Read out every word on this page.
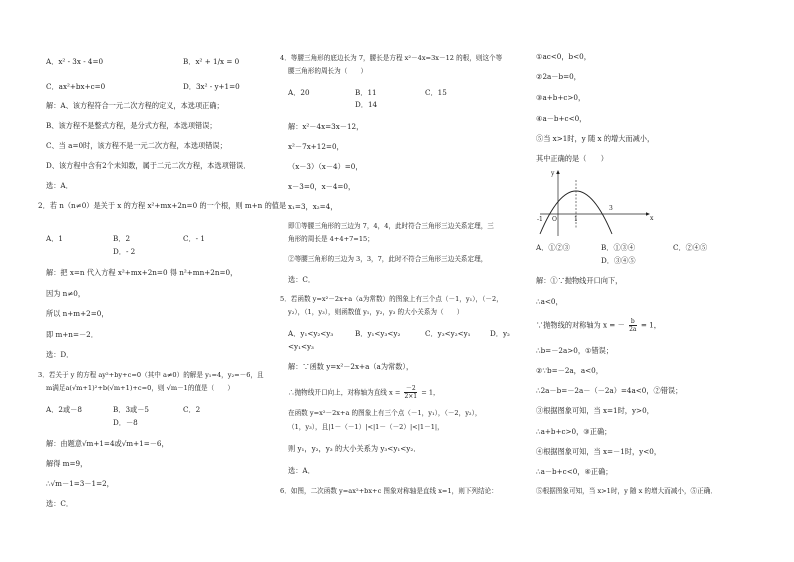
A．x² - 3x - 4=0	B．x² + 1/x = 0
C．ax²+bx+c=0	D．3x² - y+1=0
解：A、该方程符合一元二次方程的定义，本选项正确；
B、该方程不是整式方程，是分式方程，本选项错误；
C、当 a=0时，该方程不是一元二次方程，本选项错误；
D、该方程中含有2个未知数，属于二元二次方程，本选项错误．
选：A．
2．若 n（n≠0）是关于 x 的方程 x²+mx+2n=0 的一个根，则 m+n 的值是
A．1	B．2	C．- 1
D．- 2
解：把 x=n 代入方程 x²+mx+2n=0 得 n²+mn+2n=0，
因为 n≠0，
所以 n+m+2=0，
即 m+n=－2．
选：D．
3．若关于 y 的方程 ay²+by+c=0（其中 a≠0）的解是 y₁=4，y₂=－6，且
m满足a(√m+1)²+b(√m+1)+c=0，则 √m－1的值是（　　）
A．2或－8	B．3或－5	C．2
D．－8
解：由题意√m+1=4或√m+1=－6，
解得 m=9，
∴√m－1=3－1=2，
选：C．
4．等腰三角形的底边长为 7，腰长是方程 x²－4x=3x－12 的根，则这个等
腰三角形的周长为（　　）
A．20	B．11	C．15
D．14
解：x²－4x=3x－12，
x²－7x+12=0，
（x－3）（x－4）=0，
x－3=0，x－4=0，
x₁=3，x₂=4，
即①等腰三角形的三边为 7，4，4，此时符合三角形三边关系定理，三
角形的周长是 4+4+7=15；
②等腰三角形的三边为 3，3，7，此时不符合三角形三边关系定理，
选：C．
5．若函数 y=x²－2x+a（a为常数）的图象上有三个点（－1，y₁），（－2，
y₂），（1，y₃），则函数值 y₁，y₂，y₃ 的大小关系为（　　）
A．y₁<y₂<y₃	B．y₁<y₃<y₂	C．y₃<y₂<y₁	D．y₂
<y₁<y₃
解：∵函数 y=x²－2x+a（a为常数），
∴抛物线开口向上，对称轴为直线 $x = \frac{-2}{2\times 1} = 1$，
在函数 y=x²－2x+a 的图象上有三个点（－1，y₁），（－2，y₂），
（1，y₃），且|1－（－1）|<|1－（－2）|<|1－1|，
则 y₁，y₂，y₃ 的大小关系为 y₃<y₁<y₂．
选：A．
6．如图，二次函数 y=ax²+bx+c 图象对称轴是直线 x=1，则下列结论：
①ac<0，b<0，
②2a－b=0，
③a+b+c>0，
④a－b+c<0，
⑤当 x>1时，y 随 x 的增大而减小，
其中正确的是（　　）
y
x
O
-1	1
3
A．①②③	B．①③④	C．②④⑤
D．③④⑤
解：①∵抛物线开口向下，
∴a<0，
∵抛物线的对称轴为 x = － $\frac{b}{2a} = 1$，
∴b=－2a>0，①错误；
②∵b=－2a，a<0，
∴2a－b=－2a－（－2a）=4a<0，②错误；
③根据图象可知，当 x=1时，y>0，
∴a+b+c>0，③正确；
④根据图象可知，当 x=－1时，y<0，
∴a－b+c<0，④正确；
⑤根据图象可知，当 x>1时，y 随 x 的增大而减小，⑤正确．
